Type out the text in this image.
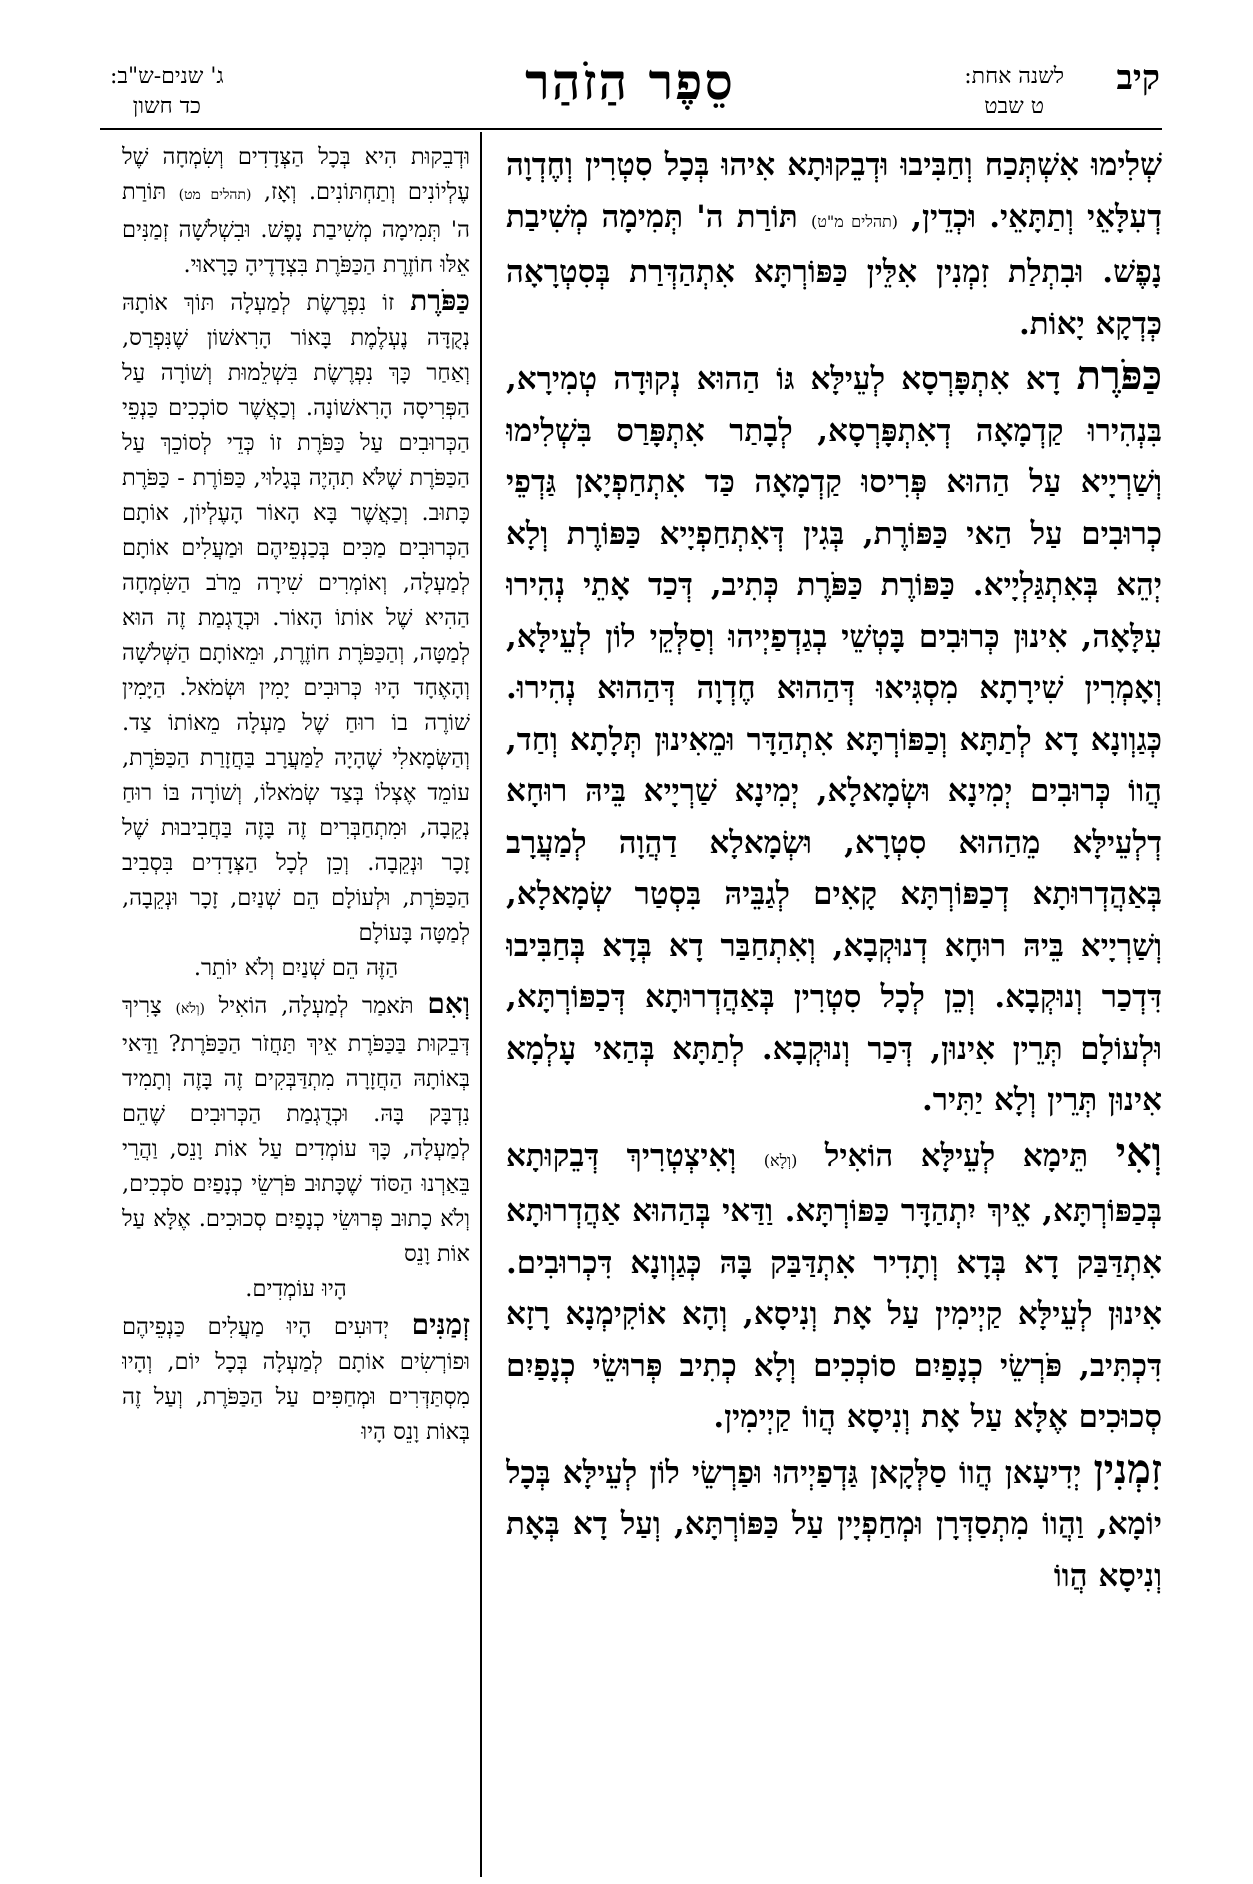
קיב
לשנה אחת:
ט שבט
סֵפֶר הַזֹהַר
ג' שנים-ש"ב:
כד חשון

שְׁלִימוּ אִשְׁתְּכַח וְחַבִּיבוּ וּדְבֵקוּתָא אִיהוּ בְּכָל סִטְרִין וְחֶדְוָה דְעִלָּאֵי וְתַתָּאֵי. וּכְדֵין, (תהלים מ"ט) תּוֹרַת ה' תְּמִימָה מְשִׁיבַת נָפֶשׁ. וּבִתְלַת זִמְנִין אִלֵּין כַּפּוֹרְתָּא אִתְהַדְּרַת בְּסִטְרָאָה כְּדְקָא יָאוֹת.

כַּפֹּרֶת דָא אִתְפָּרְסָא לְעֵילָּא גּוֹ הַהוּא נְקוּדָה טְמִירָא, בִּנְהִירוּ קַדְמָאָה דְאִתְפָּרְסָא, לְבָתַר אִתְפָּרַס בִּשְׁלִימוּ וְשַׁרְיָיא עַל הַהוּא פְּרִיסוּ קַדְמָאָה כַּד אִתְחַפְיָאן גַּדְפֵי כְרוּבִים עַל הַאי כַּפּוֹרֶת, בְּגִין דְּאִתְחַפְיָיא כַּפּוֹרֶת וְלָא יְהֵא בְּאִתְגַּלְיָיא. כַּפּוֹרֶת כַּפֹּרֶת כְּתִיב, דְּכַד אָתֵי נְהִירוּ עִלָּאָה, אִינוּן כְּרוּבִים בָּטְשֵׁי בְגַדְפַיְיהוּ וְסַלְּקֵי לוֹן לְעֵילָּא, וְאָמְרִין שִׁירָתָא מִסְגִּיאוּ דְּהַהוּא חֶדְוָה דְּהַהוּא נְהִירוּ. כְּגַוְונָא דָא לְתַתָּא וְכַפּוֹרְתָּא אִתְהַדָּר וּמֵאִינוּן תְּלָתָא וְחַד, הֲווֹ כְּרוּבִים יְמִינָא וּשְׂמָאלָא, יְמִינָא שַׁרְיָיא בֵּיהּ רוּחָא דְלְעֵילָּא מֵהַהוּא סִטְרָא, וּשְׂמָאלָא דַהֲוָה לְמַעֲרָב בְּאַהֲדְרוּתָא דְכַפּוֹרְתָּא קָאִים לְגַבֵּיהּ בִּסְטַר שְׂמָאלָא, וְשַׁרְיָיא בֵּיהּ רוּחָא דְנוּקְבָא, וְאִתְחַבַּר דָא בְּדָא בְּחַבִּיבוּ דִּדְכַר וְנוּקְבָא. וְכֵן לְכָל סִטְרִין בְּאַהֲדְרוּתָא דְּכַפּוֹרְתָּא, וּלְעוֹלָם תְּרֵין אִינוּן, דְּכַר וְנוּקְבָא. לְתַתָּא בְּהַאי עָלְמָא אִינוּן תְּרֵין וְלָא יַתִּיר.

וְאִי תֵּימָא לְעֵילָּא הוֹאִיל (וְלָא) וְאִיצְטְרִיךְ דְּבֵקוּתָא בְּכַפּוֹרְתָּא, אֵיךְ יִתְהַדָּר כַּפּוֹרְתָּא. וַדַּאי בְּהַהוּא אַהֲדְרוּתָא אִתְדַּבַּק דָא בְּדָא וְתָדִיר אִתְדַּבַּק בָּהּ כְּגַוְונָא דִּכְרוּבִים. אִינוּן לְעֵילָּא קַיְימִין עַל אָת וְנִיסָא, וְהָא אוֹקִימְנָא רָזָא דִּכְתִּיב, פֹּרְשֵׂי כְנָפַיִם סוֹכְכִים וְלָא כְתִיב פְּרוּשֵׂי כְנָפַיִם סְכוּכִים אֶלָּא עַל אָת וְנִיסָא הֲווֹ קַיְימִין.

זִמְנִין יְדִיעָאן הֲווֹ סַלְּקָאן גַּדְפַיְיהוּ וּפַרְשֵׂי לוֹן לְעֵילָּא בְּכָל יוֹמָא, וַהֲווֹ מִתְסַדְּרָן וּמְחַפְיָין עַל כַּפּוֹרְתָּא, וְעַל דָא בְּאָת וְנִיסָא הֲווֹ

וּדְבֵקוּת הִיא בְּכָל הַצְּדָדִים וְשִׂמְחָה שֶׁל עֶלְיוֹנִים וְתַחְתּוֹנִים. וְאָז, (תהלים מט) תּוֹרַת ה' תְּמִימָה מְשִׁיבַת נָפֶשׁ. וּבִשְׁלֹשָׁה זְמַנִּים אֵלּוּ חוֹזֶרֶת הַכַּפֹּרֶת בִּצְדָדֶיהָ כָּרָאוּי.

כַּפֹּרֶת זוֹ נִפְרֶשֶׂת לְמַעְלָה תּוֹךְ אוֹתָהּ נְקֻדָּה נֶעְלֶמֶת בָּאוֹר הָרִאשׁוֹן שֶׁנִּפְרַס, וְאַחַר כָּךְ נִפְרֶשֶׂת בִּשְׁלֵמוּת וְשׁוֹרָה עַל הַפְּרִיסָה הָרִאשׁוֹנָה. וְכַאֲשֶׁר סוֹכְכִים כַּנְפֵי הַכְּרוּבִים עַל כַּפֹּרֶת זוֹ כְּדֵי לְסוֹכֵךְ עַל הַכַּפֹּרֶת שֶׁלֹּא תִהְיֶה בְּגָלוּי, כַּפּוֹרֶת - כַּפֹּרֶת כָּתוּב. וְכַאֲשֶׁר בָּא הָאוֹר הָעֶלְיוֹן, אוֹתָם הַכְּרוּבִים מַכִּים בְּכַנְפֵיהֶם וּמַעֲלִים אוֹתָם לְמַעְלָה, וְאוֹמְרִים שִׁירָה מֵרֹב הַשִּׂמְחָה הַהִיא שֶׁל אוֹתוֹ הָאוֹר. וּכְדֻגְמַת זֶה הוּא לְמַטָּה, וְהַכַּפֹּרֶת חוֹזֶרֶת, וּמֵאוֹתָם הַשְּׁלֹשָׁה וְהָאֶחָד הָיוּ כְּרוּבִים יָמִין וּשְׂמֹאל. הַיָּמִין שׁוֹרֶה בוֹ רוּחַ שֶׁל מַעְלָה מֵאוֹתוֹ צַד. וְהַשְּׂמָאלִי שֶׁהָיָה לַמַּעֲרָב בַּחֲזָרַת הַכַּפֹּרֶת, עוֹמֵד אֶצְלוֹ בְּצַד שְׂמֹאלוֹ, וְשׁוֹרָה בּוֹ רוּחַ נְקֵבָה, וּמִתְחַבְּרִים זֶה בָּזֶה בַּחֲבִיבוּת שֶׁל זָכָר וּנְקֵבָה. וְכֵן לְכָל הַצְּדָדִים בִּסְבִיב הַכַּפֹּרֶת, וּלְעוֹלָם הֵם שְׁנַיִם, זָכָר וּנְקֵבָה, לְמַטָּה בָּעוֹלָם

הַזֶּה הֵם שְׁנַיִם וְלֹא יוֹתֵר.

וְאִם תֹּאמַר לְמַעְלָה, הוֹאִיל (וְלֹא) צָרִיךְ דְּבֵקוּת בַּכַּפֹּרֶת אֵיךְ תַּחֲזֹר הַכַּפֹּרֶת? וַדַּאי בְּאוֹתָהּ הַחֲזָרָה מִתְדַּבְּקִים זֶה בָּזֶה וְתָמִיד נִדְבָּק בָּהּ. וּכְדֻגְמַת הַכְּרוּבִים שֶׁהֵם לְמַעְלָה, כָּךְ עוֹמְדִים עַל אוֹת וָנֵס, וַהֲרֵי בֵּאַרְנוּ הַסּוֹד שֶׁכָּתוּב פֹּרְשֵׂי כְנָפַיִם סֹכְכִים, וְלֹא כָתוּב פְּרוּשֵׂי כְנָפַיִם סְכוּכִים. אֶלָּא עַל אוֹת וָנֵס

הָיוּ עוֹמְדִים.

זְמַנִּים יְדוּעִים הָיוּ מַעֲלִים כַּנְפֵיהֶם וּפוֹרְשִׂים אוֹתָם לְמַעְלָה בְּכָל יוֹם, וְהָיוּ מִסְתַּדְּרִים וּמְחַפִּים עַל הַכַּפֹּרֶת, וְעַל זֶה בְּאוֹת וָנֵס הָיוּ
